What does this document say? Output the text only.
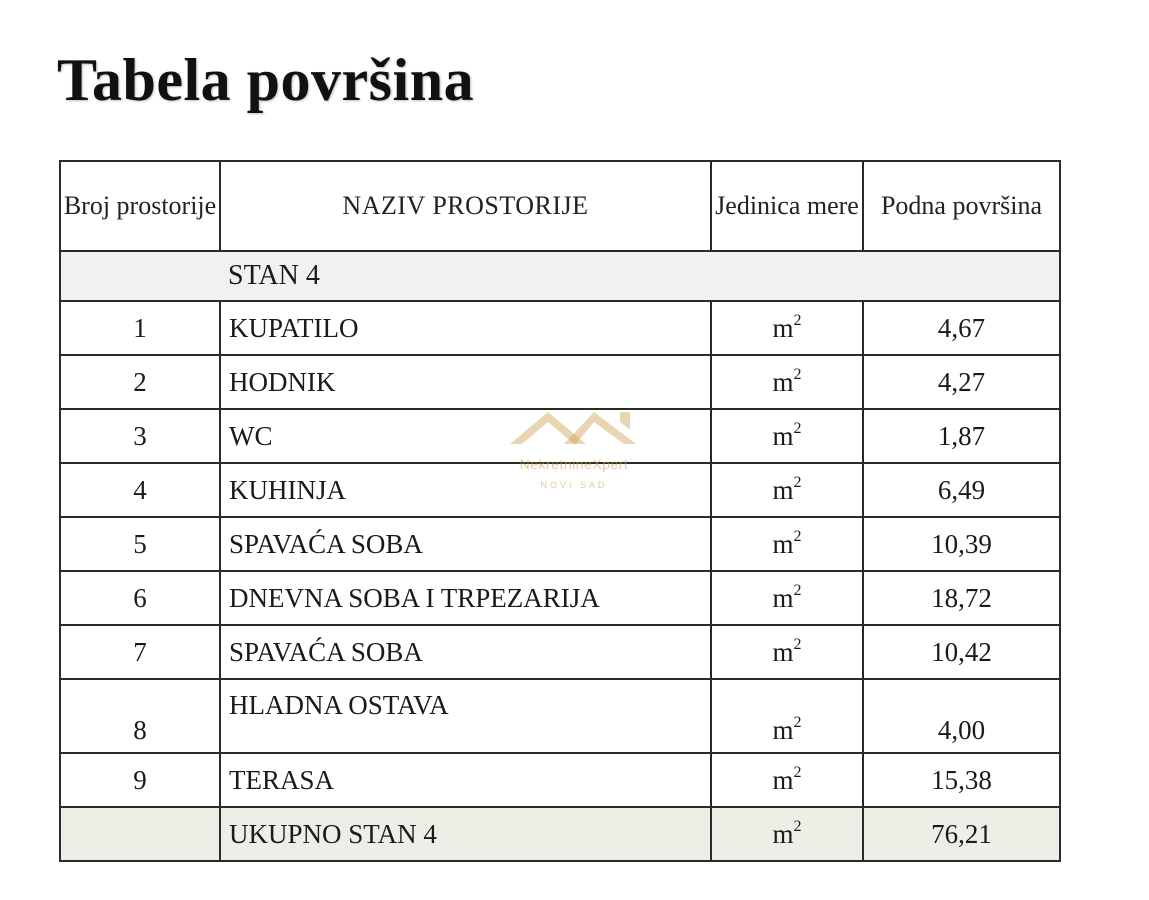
Tabela površina
Broj prostorije	NAZIV PROSTORIJE	Jedinica mere	Podna površina
	STAN 4		
1	KUPATILO	$m^2$	4,67
2	HODNIK	$m^2$	4,27
3	WC	$m^2$	1,87
4	KUHINJA	$m^2$	6,49
5	SPAVAĆA SOBA	$m^2$	10,39
6	DNEVNA SOBA I TRPEZARIJA	$m^2$	18,72
7	SPAVAĆA SOBA	$m^2$	10,42
8	HLADNA OSTAVA	$m^2$	4,00
9	TERASA	$m^2$	15,38
	UKUPNO STAN 4	$m^2$	76,21
NekretnineXpert
NOVI SAD
